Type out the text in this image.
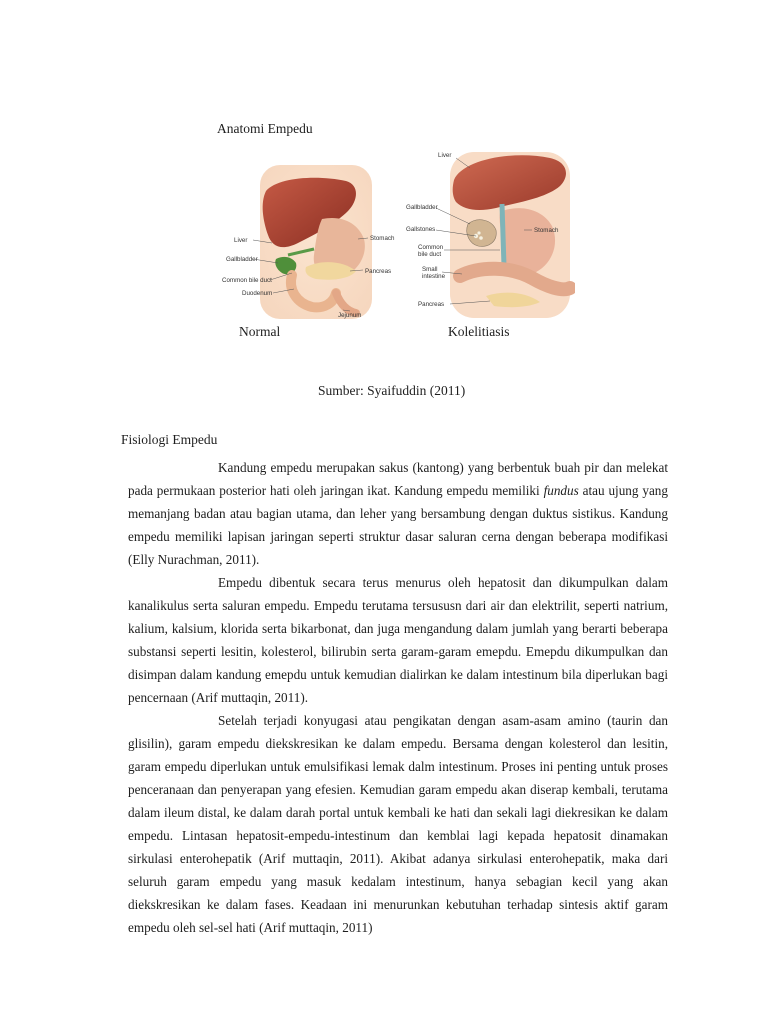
Anatomi Empedu
Liver
Gallbladder
Common bile duct
Duodenum
Stomach
Pancreas
Jejunum
Liver
Gallbladder
Gallstones
Common
bile duct
Small
intestine
Pancreas
Stomach
Normal	Kolelitiasis
Sumber: Syaifuddin (2011)
Fisiologi Empedu

Kandung empedu merupakan sakus (kantong) yang berbentuk buah pir dan melekat pada permukaan posterior hati oleh jaringan ikat. Kandung empedu memiliki fundus atau ujung yang memanjang badan atau bagian utama, dan leher yang bersambung dengan duktus sistikus. Kandung empedu memiliki lapisan jaringan seperti struktur dasar saluran cerna dengan beberapa modifikasi (Elly Nurachman, 2011).

Empedu dibentuk secara terus menurus oleh hepatosit dan dikumpulkan dalam kanalikulus serta saluran empedu. Empedu terutama tersususn dari air dan elektrilit, seperti natrium, kalium, kalsium, klorida serta bikarbonat, dan juga mengandung dalam jumlah yang berarti beberapa substansi seperti lesitin, kolesterol, bilirubin serta garam-garam emepdu. Emepdu dikumpulkan dan disimpan dalam kandung emepdu untuk kemudian dialirkan ke dalam intestinum bila diperlukan bagi pencernaan (Arif muttaqin, 2011).

Setelah terjadi konyugasi atau pengikatan dengan asam-asam amino (taurin dan glisilin), garam empedu diekskresikan ke dalam empedu. Bersama dengan kolesterol dan lesitin, garam empedu diperlukan untuk emulsifikasi lemak dalm intestinum. Proses ini penting untuk proses penceranaan dan penyerapan yang efesien. Kemudian garam empedu akan diserap kembali, terutama dalam ileum distal, ke dalam darah portal untuk kembali ke hati dan sekali lagi diekresikan ke dalam empedu. Lintasan hepatosit-empedu-intestinum dan kemblai lagi kepada hepatosit dinamakan sirkulasi enterohepatik (Arif muttaqin, 2011). Akibat adanya sirkulasi enterohepatik, maka dari seluruh garam empedu yang masuk kedalam intestinum, hanya sebagian kecil yang akan diekskresikan ke dalam fases. Keadaan ini menurunkan kebutuhan terhadap sintesis aktif garam empedu oleh sel-sel hati (Arif muttaqin, 2011)
